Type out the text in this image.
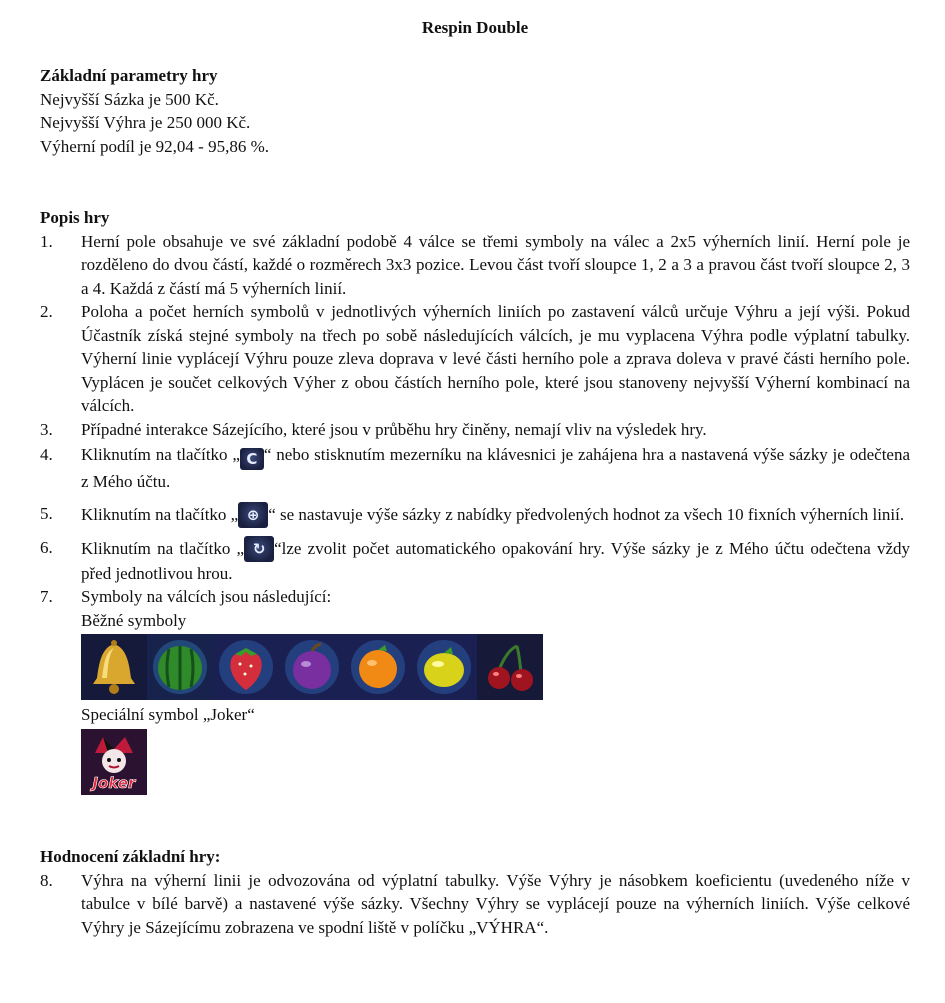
Respin Double
Základní parametry hry
Nejvyšší Sázka je 500 Kč.
Nejvyšší Výhra je 250 000 Kč.
Výherní podíl je 92,04 - 95,86 %.
Popis hry
1. Herní pole obsahuje ve své základní podobě 4 válce se třemi symboly na válec a 2x5 výherních linií. Herní pole je rozděleno do dvou částí, každé o rozměrech 3x3 pozice. Levou část tvoří sloupce 1, 2 a 3 a pravou část tvoří sloupce 2, 3 a 4. Každá z částí má 5 výherních linií.
2. Poloha a počet herních symbolů v jednotlivých výherních liniích po zastavení válců určuje Výhru a její výši. Pokud Účastník získá stejné symboly na třech po sobě následujících válcích, je mu vyplacena Výhra podle výplatní tabulky. Výherní linie vyplácejí Výhru pouze zleva doprava v levé části herního pole a zprava doleva v pravé části herního pole. Vyplácen je součet celkových Výher z obou částích herního pole, které jsou stanoveny nejvyšší Výherní kombinací na válcích.
3. Případné interakce Sázejícího, které jsou v průběhu hry činěny, nemají vliv na výsledek hry.
4. Kliknutím na tlačítko „ C “ nebo stisknutím mezerníku na klávesnici je zahájena hra a nastavená výše sázky je odečtena z Mého účtu.
5. Kliknutím na tlačítko „ ⊕ “ se nastavuje výše sázky z nabídky předvolených hodnot za všech 10 fixních výherních linií.
6. Kliknutím na tlačítko „ ↻ “lze zvolit počet automatického opakování hry. Výše sázky je z Mého účtu odečtena vždy před jednotlivou hrou.
7. Symboly na válcích jsou následující:
Běžné symboly
Speciální symbol „Joker“
Joker
Hodnocení základní hry:
8. Výhra na výherní linii je odvozována od výplatní tabulky. Výše Výhry je násobkem koeficientu (uvedeného níže v tabulce v bílé barvě) a nastavené výše sázky. Všechny Výhry se vyplácejí pouze na výherních liniích. Výše celkové Výhry je Sázejícímu zobrazena ve spodní liště v políčku „VÝHRA“.
